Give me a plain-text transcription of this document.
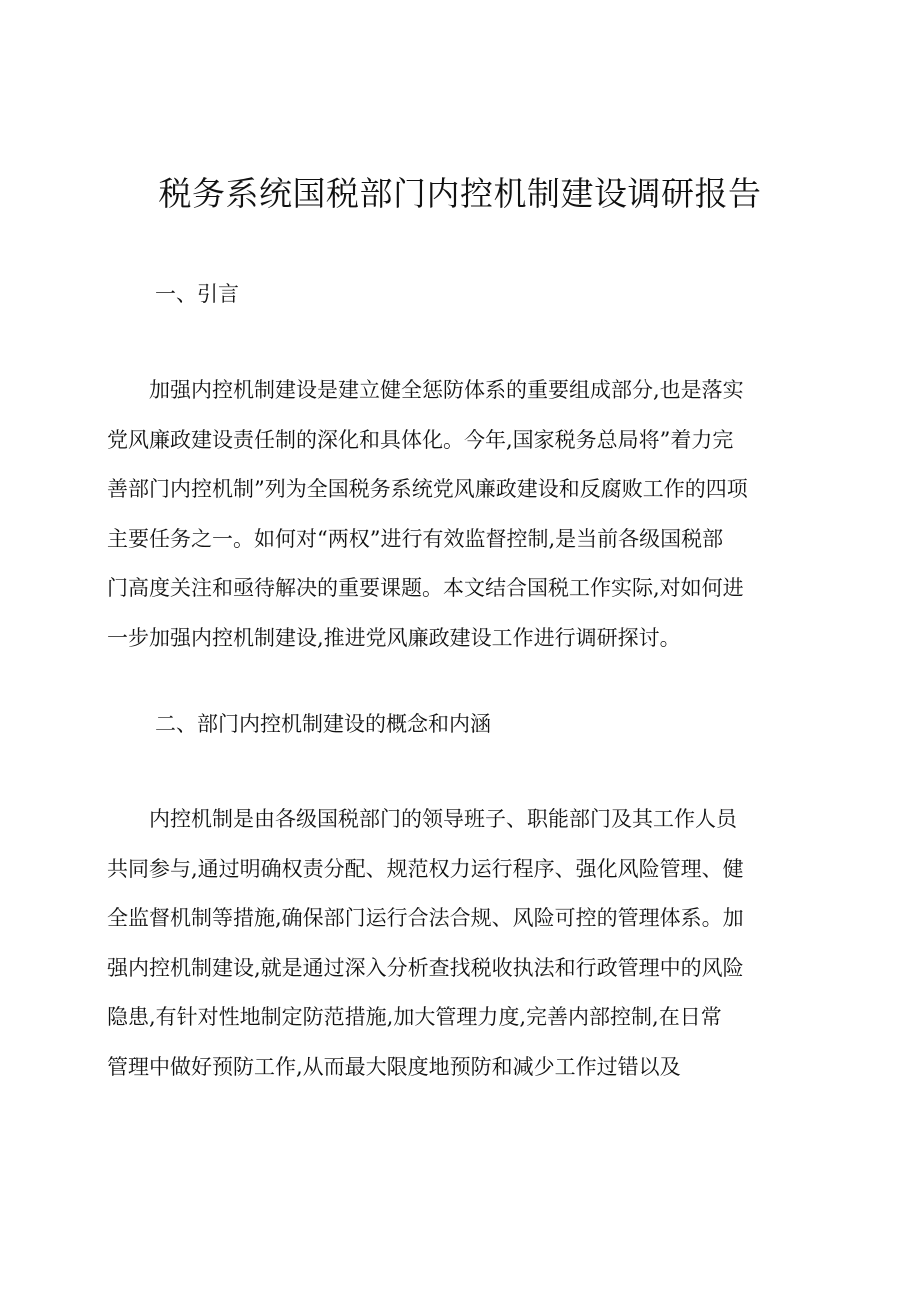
税务系统国税部门内控机制建设调研报告
一、引言

　　加强内控机制建设是建立健全惩防体系的重要组成部分,也是落实
党风廉政建设责任制的深化和具体化。今年,国家税务总局将”着力完
善部门内控机制”列为全国税务系统党风廉政建设和反腐败工作的四项
主要任务之一。如何对“两权”进行有效监督控制,是当前各级国税部
门高度关注和亟待解决的重要课题。本文结合国税工作实际,对如何进
一步加强内控机制建设,推进党风廉政建设工作进行调研探讨。

二、部门内控机制建设的概念和内涵

　　内控机制是由各级国税部门的领导班子、职能部门及其工作人员
共同参与,通过明确权责分配、规范权力运行程序、强化风险管理、健
全监督机制等措施,确保部门运行合法合规、风险可控的管理体系。加
强内控机制建设,就是通过深入分析查找税收执法和行政管理中的风险
隐患,有针对性地制定防范措施,加大管理力度,完善内部控制,在日常
管理中做好预防工作,从而最大限度地预防和减少工作过错以及
